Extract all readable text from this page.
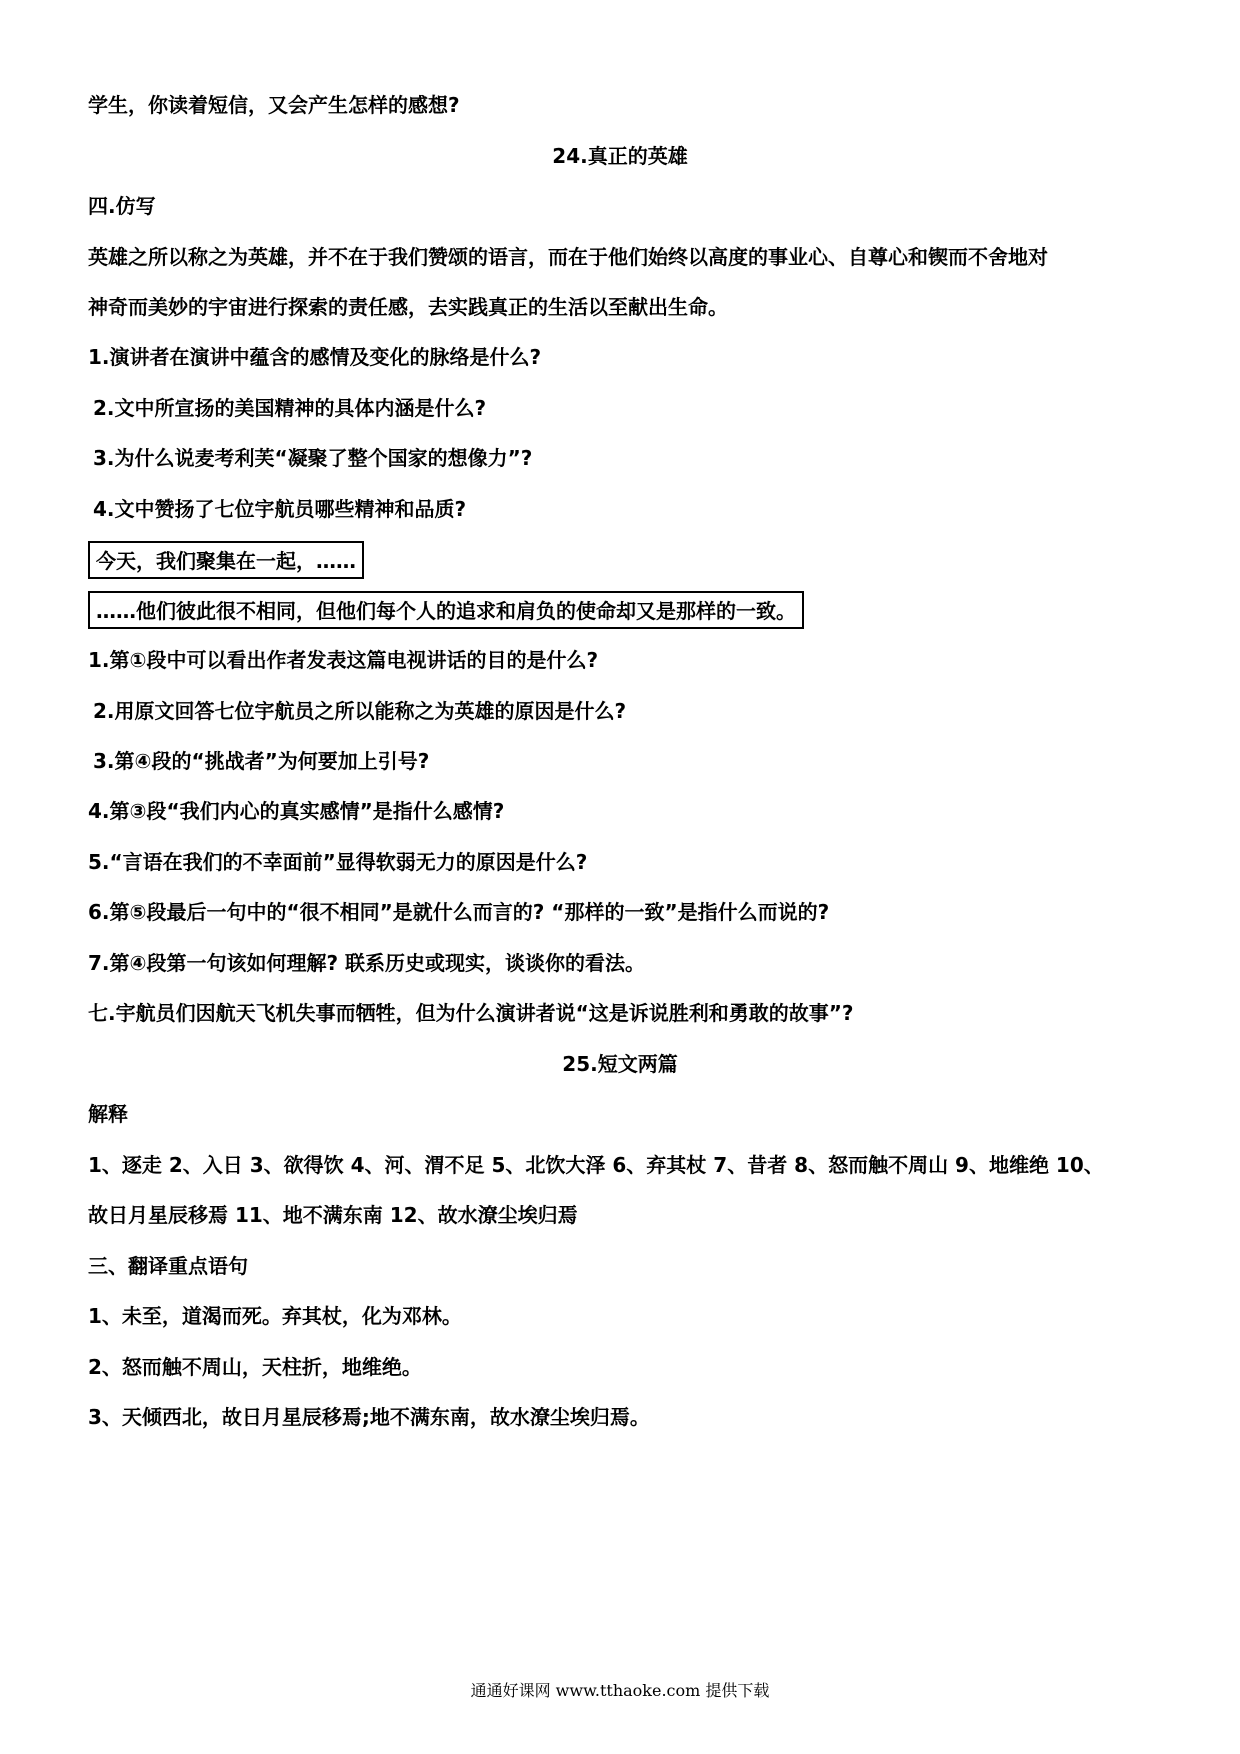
学生，你读着短信，又会产生怎样的感想?
24.真正的英雄
四.仿写
英雄之所以称之为英雄，并不在于我们赞颂的语言，而在于他们始终以高度的事业心、自尊心和锲而不舍地对
神奇而美妙的宇宙进行探索的责任感，去实践真正的生活以至献出生命。
1.演讲者在演讲中蕴含的感情及变化的脉络是什么?
2.文中所宣扬的美国精神的具体内涵是什么?
3.为什么说麦考利芙“凝聚了整个国家的想像力”?
4.文中赞扬了七位宇航员哪些精神和品质?
今天，我们聚集在一起，……
……他们彼此很不相同，但他们每个人的追求和肩负的使命却又是那样的一致。
1.第①段中可以看出作者发表这篇电视讲话的目的是什么?
2.用原文回答七位宇航员之所以能称之为英雄的原因是什么?
3.第④段的“挑战者”为何要加上引号?
4.第③段“我们内心的真实感情”是指什么感情?
5.“言语在我们的不幸面前”显得软弱无力的原因是什么?
6.第⑤段最后一句中的“很不相同”是就什么而言的? “那样的一致”是指什么而说的?
7.第④段第一句该如何理解? 联系历史或现实，谈谈你的看法。
七.宇航员们因航天飞机失事而牺牲，但为什么演讲者说“这是诉说胜利和勇敢的故事”?
25.短文两篇
解释
1、逐走 2、入日 3、欲得饮 4、河、渭不足 5、北饮大泽 6、弃其杖 7、昔者 8、怒而触不周山 9、地维绝 10、
故日月星辰移焉 11、地不满东南 12、故水潦尘埃归焉
三、翻译重点语句
1、未至，道渴而死。弃其杖，化为邓林。
2、怒而触不周山，天柱折，地维绝。
3、天倾西北，故日月星辰移焉;地不满东南，故水潦尘埃归焉。
通通好课网 www.tthaoke.com 提供下载
